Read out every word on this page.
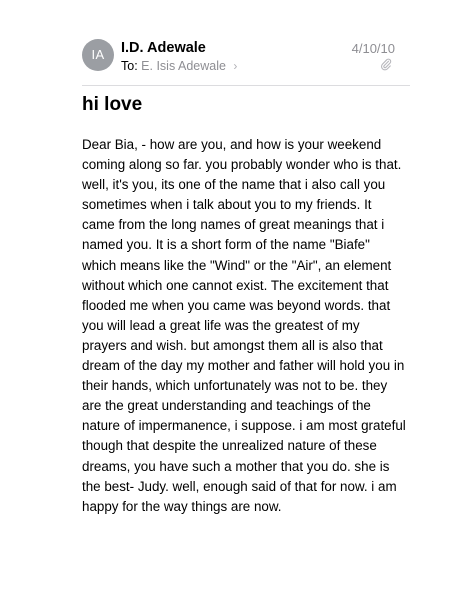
IA	I.D. Adewale
To: E. Isis Adewale ›
4/10/10
hi love

Dear Bia, - how are you, and how is your weekend coming along so far. you probably wonder who is that. well, it's you, its one of the name that i also call you sometimes when i talk about you to my friends. It came from the long names of great meanings that i named you. It is a short form of the name "Biafe" which means like the "Wind" or the "Air", an element without which one cannot exist. The excitement that flooded me when you came was beyond words. that you will lead a great life was the greatest of my prayers and wish. but amongst them all is also that dream of the day my mother and father will hold you in their hands, which unfortunately was not to be. they are the great understanding and teachings of the nature of impermanence, i suppose. i am most grateful though that despite the unrealized nature of these dreams, you have such a mother that you do. she is the best- Judy. well, enough said of that for now. i am happy for the way things are now.
